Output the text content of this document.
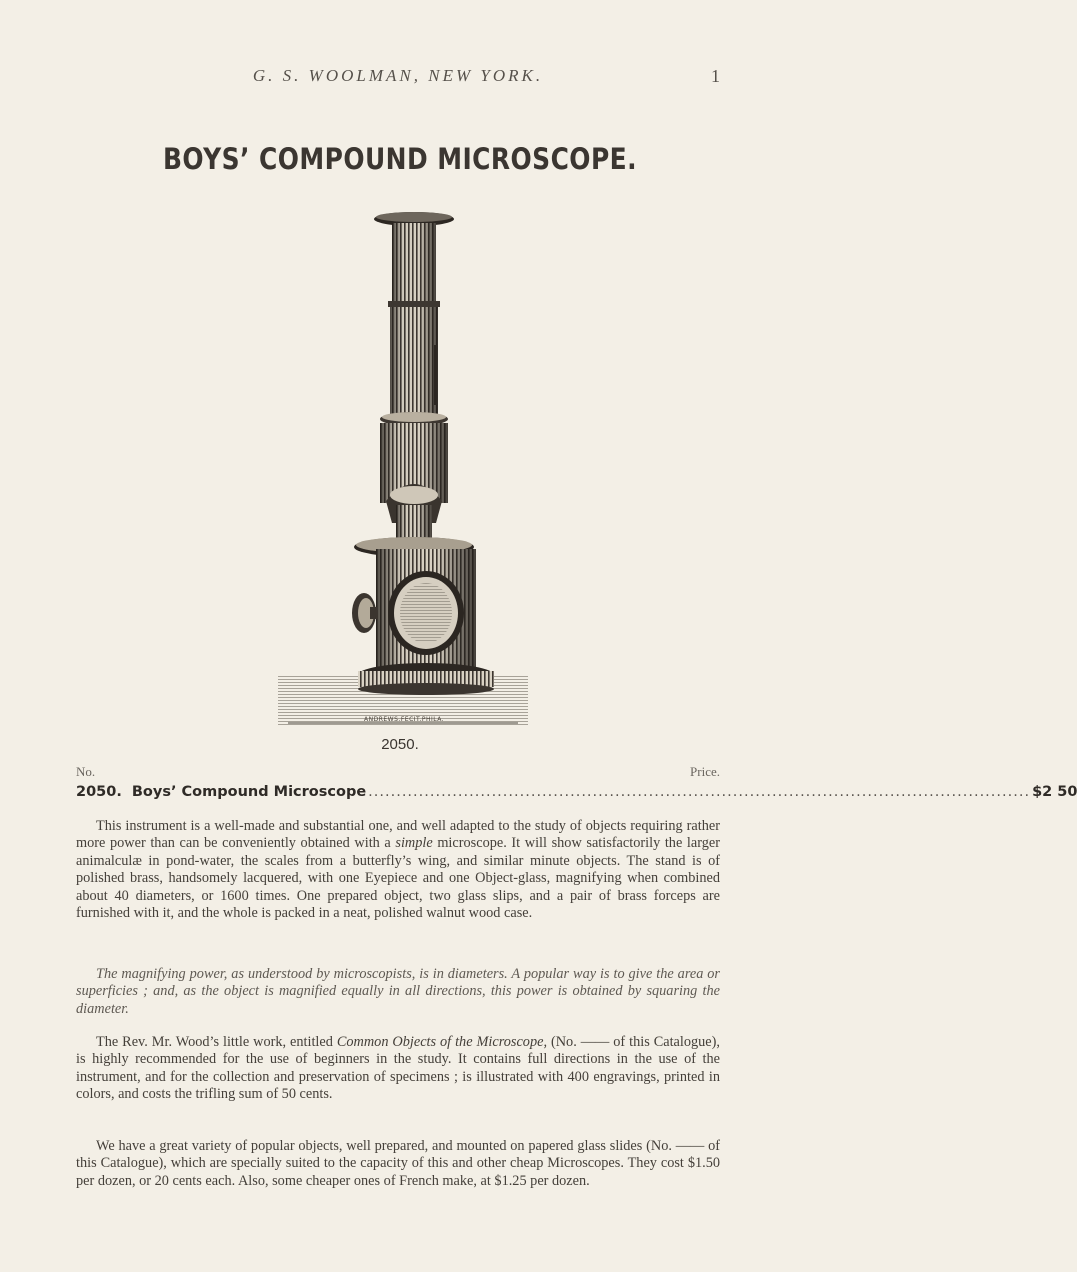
G. S. WOOLMAN, NEW YORK.	1
BOYS’ COMPOUND MICROSCOPE.
ANDREWS.FECIT.PHILA.
2050.
No.	Price.
2050. Boys’ Compound Microscope ...................................................................................................................... $2 50

This instrument is a well-made and substantial one, and well adapted to the study of objects requiring rather more power than can be conveniently obtained with a simple microscope. It will show satisfactorily the larger animalculæ in pond-water, the scales from a butterfly’s wing, and similar minute objects. The stand is of polished brass, handsomely lacquered, with one Eyepiece and one Object-glass, magnifying when combined about 40 diameters, or 1600 times. One prepared object, two glass slips, and a pair of brass forceps are furnished with it, and the whole is packed in a neat, polished walnut wood case.

The magnifying power, as understood by microscopists, is in diameters. A popular way is to give the area or superficies ; and, as the object is magnified equally in all directions, this power is obtained by squaring the diameter.

The Rev. Mr. Wood’s little work, entitled Common Objects of the Microscope, (No. —— of this Catalogue), is highly recommended for the use of beginners in the study. It contains full directions in the use of the instrument, and for the collection and preservation of specimens ; is illustrated with 400 engravings, printed in colors, and costs the trifling sum of 50 cents.

We have a great variety of popular objects, well prepared, and mounted on papered glass slides (No. —— of this Catalogue), which are specially suited to the capacity of this and other cheap Microscopes. They cost $1.50 per dozen, or 20 cents each. Also, some cheaper ones of French make, at $1.25 per dozen.
